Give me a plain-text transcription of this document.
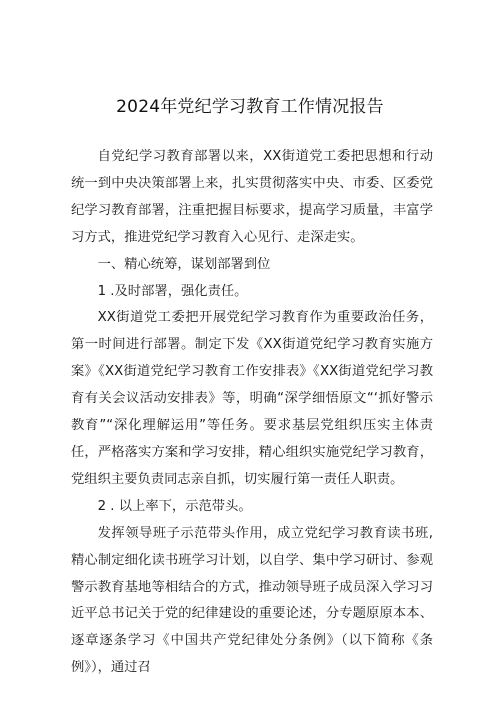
2024年党纪学习教育工作情况报告

自党纪学习教育部署以来，XX街道党工委把思想和行动统一到中央决策部署上来，扎实贯彻落实中央、市委、区委党纪学习教育部署，注重把握目标要求，提高学习质量，丰富学习方式，推进党纪学习教育入心见行、走深走实。

一、精心统筹，谋划部署到位

1 .及时部署，强化责任。

XX街道党工委把开展党纪学习教育作为重要政治任务，第一时间进行部署。制定下发《XX街道党纪学习教育实施方案》《XX街道党纪学习教育工作安排表》《XX街道党纪学习教育有关会议活动安排表》等，明确“深学细悟原文“‘抓好警示教育”“深化理解运用”等任务。要求基层党组织压实主体责任，严格落实方案和学习安排，精心组织实施党纪学习教育，党组织主要负责同志亲自抓，切实履行第一责任人职责。

2 . 以上率下，示范带头。

发挥领导班子示范带头作用，成立党纪学习教育读书班,精心制定细化读书班学习计划，以自学、集中学习研讨、参观警示教育基地等相结合的方式，推动领导班子成员深入学习习近平总书记关于党的纪律建设的重要论述，分专题原原本本、逐章逐条学习《中国共产党纪律处分条例》（以下简称《条例》），通过召
